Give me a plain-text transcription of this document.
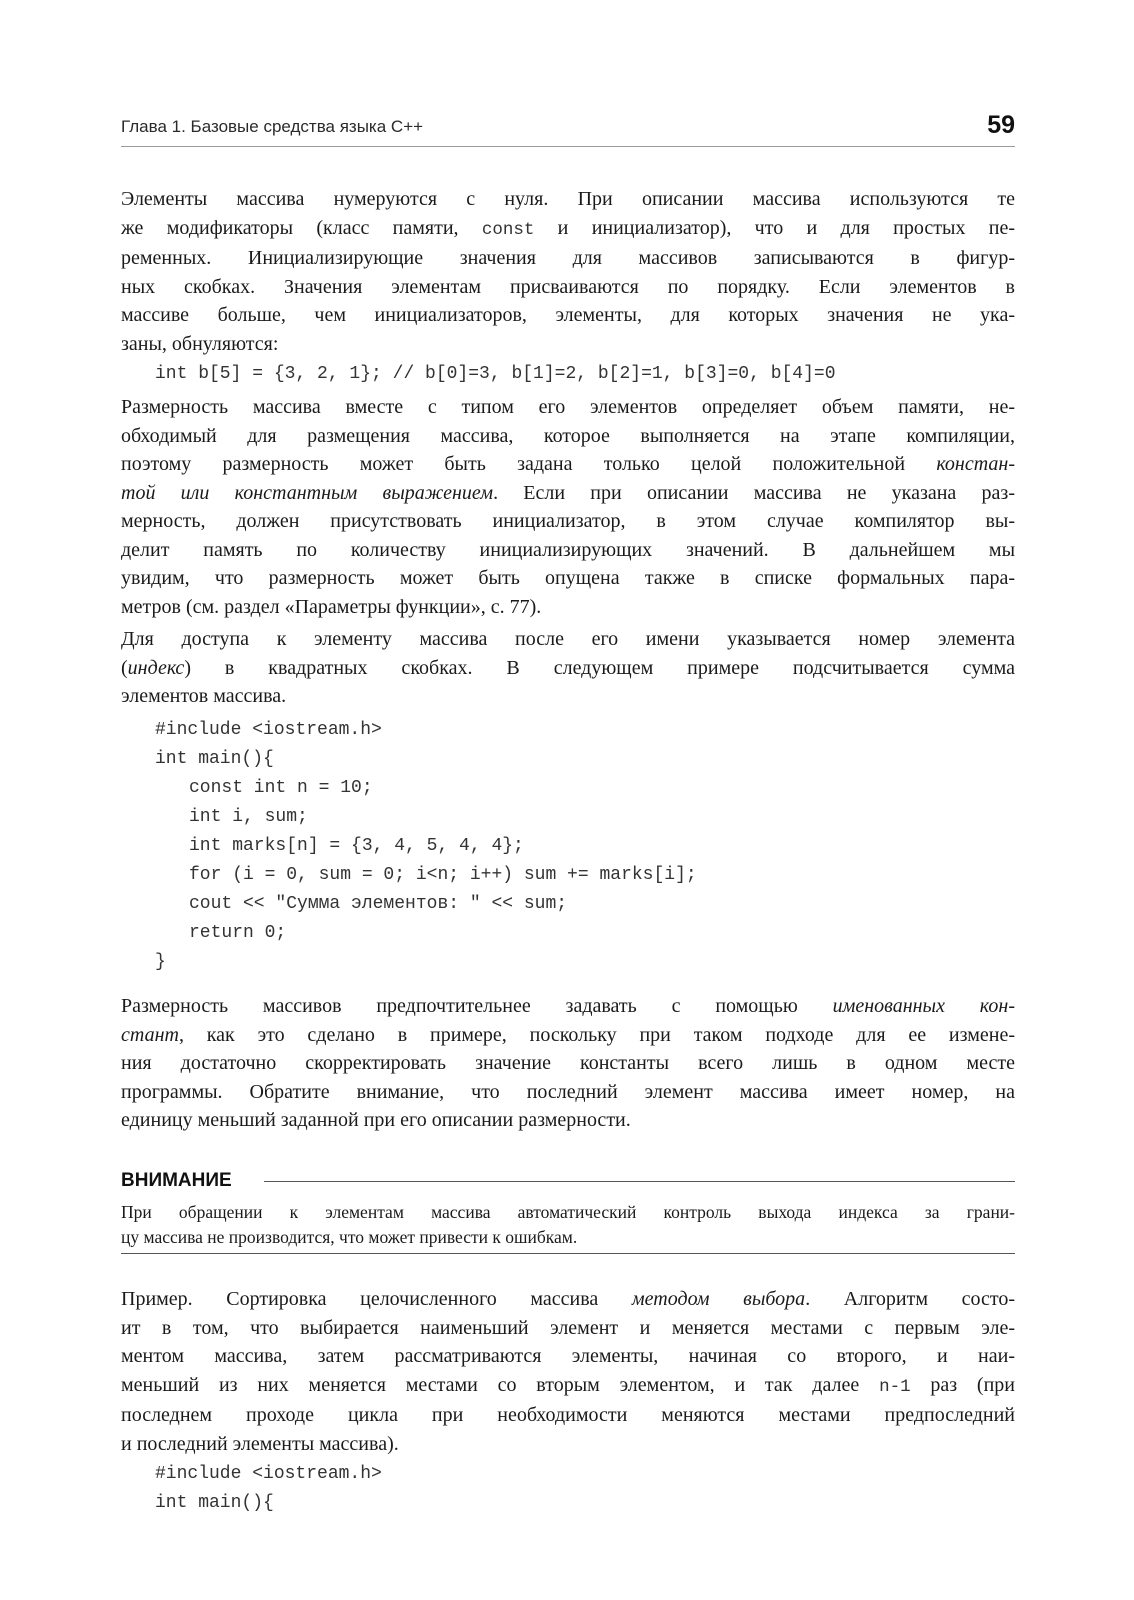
Глава 1. Базовые средства языка C++	59
Элементы массива нумеруются с нуля. При описании массива используются те
же модификаторы (класс памяти, const и инициализатор), что и для простых пе-
ременных. Инициализирующие значения для массивов записываются в фигур-
ных скобках. Значения элементам присваиваются по порядку. Если элементов в
массиве больше, чем инициализаторов, элементы, для которых значения не ука-
заны, обнуляются:
int b[5] = {3, 2, 1}; // b[0]=3, b[1]=2, b[2]=1, b[3]=0, b[4]=0
Размерность массива вместе с типом его элементов определяет объем памяти, не-
обходимый для размещения массива, которое выполняется на этапе компиляции,
поэтому размерность может быть задана только целой положительной констан-
той или константным выражением. Если при описании массива не указана раз-
мерность, должен присутствовать инициализатор, в этом случае компилятор вы-
делит память по количеству инициализирующих значений. В дальнейшем мы
увидим, что размерность может быть опущена также в списке формальных пара-
метров (см. раздел «Параметры функции», с. 77).
Для доступа к элементу массива после его имени указывается номер элемента
(индекс) в квадратных скобках. В следующем примере подсчитывается сумма
элементов массива.
#include <iostream.h>
int main(){
const int n = 10;
int i, sum;
int marks[n] = {3, 4, 5, 4, 4};
for (i = 0, sum = 0; i<n; i++) sum += marks[i];
cout << "Сумма элементов: " << sum;
return 0;
}
Размерность массивов предпочтительнее задавать с помощью именованных кон-
стант, как это сделано в примере, поскольку при таком подходе для ее измене-
ния достаточно скорректировать значение константы всего лишь в одном месте
программы. Обратите внимание, что последний элемент массива имеет номер, на
единицу меньший заданной при его описании размерности.
ВНИМАНИЕ
При обращении к элементам массива автоматический контроль выхода индекса за грани-
цу массива не производится, что может привести к ошибкам.
Пример. Сортировка целочисленного массива методом выбора. Алгоритм состо-
ит в том, что выбирается наименьший элемент и меняется местами с первым эле-
ментом массива, затем рассматриваются элементы, начиная со второго, и наи-
меньший из них меняется местами со вторым элементом, и так далее n-1 раз (при
последнем проходе цикла при необходимости меняются местами предпоследний
и последний элементы массива).
#include <iostream.h>
int main(){
